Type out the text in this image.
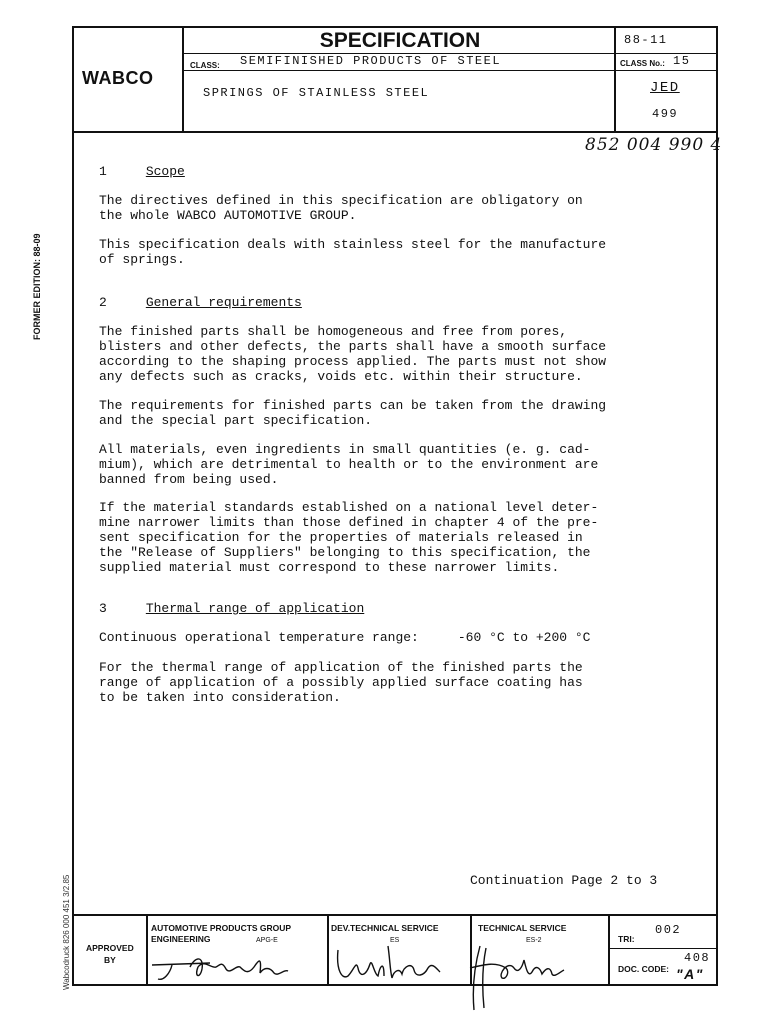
WABCO
SPECIFICATION	88-11
CLASS: SEMIFINISHED PRODUCTS OF STEEL	CLASS No.: 15
SPRINGS OF STAINLESS STEEL	JED
499
852 004 990 4
FORMER EDITION: 88-09
Wabcodruck 826 000 451 3/2.85
1	Scope
The directives defined in this specification are obligatory on
the whole WABCO AUTOMOTIVE GROUP.
This specification deals with stainless steel for the manufacture
of springs.
2	General requirements
The finished parts shall be homogeneous and free from pores,
blisters and other defects, the parts shall have a smooth surface
according to the shaping process applied. The parts must not show
any defects such as cracks, voids etc. within their structure.
The requirements for finished parts can be taken from the drawing
and the special part specification.
All materials, even ingredients in small quantities (e. g. cad-
mium), which are detrimental to health or to the environment are
banned from being used.
If the material standards established on a national level deter-
mine narrower limits than those defined in chapter 4 of the pre-
sent specification for the properties of materials released in
the "Release of Suppliers" belonging to this specification, the
supplied material must correspond to these narrower limits.
3	Thermal range of application
Continuous operational temperature range:     -60 °C to +200 °C
For the thermal range of application of the finished parts the
range of application of a possibly applied surface coating has
to be taken into consideration.
Continuation Page 2 to 3
APPROVED
BY
AUTOMOTIVE PRODUCTS GROUP
ENGINEERING	APG-E
DEV.TECHNICAL SERVICE
ES
TECHNICAL SERVICE
ES-2	TRI:
002
DOC. CODE:
408
"A"
